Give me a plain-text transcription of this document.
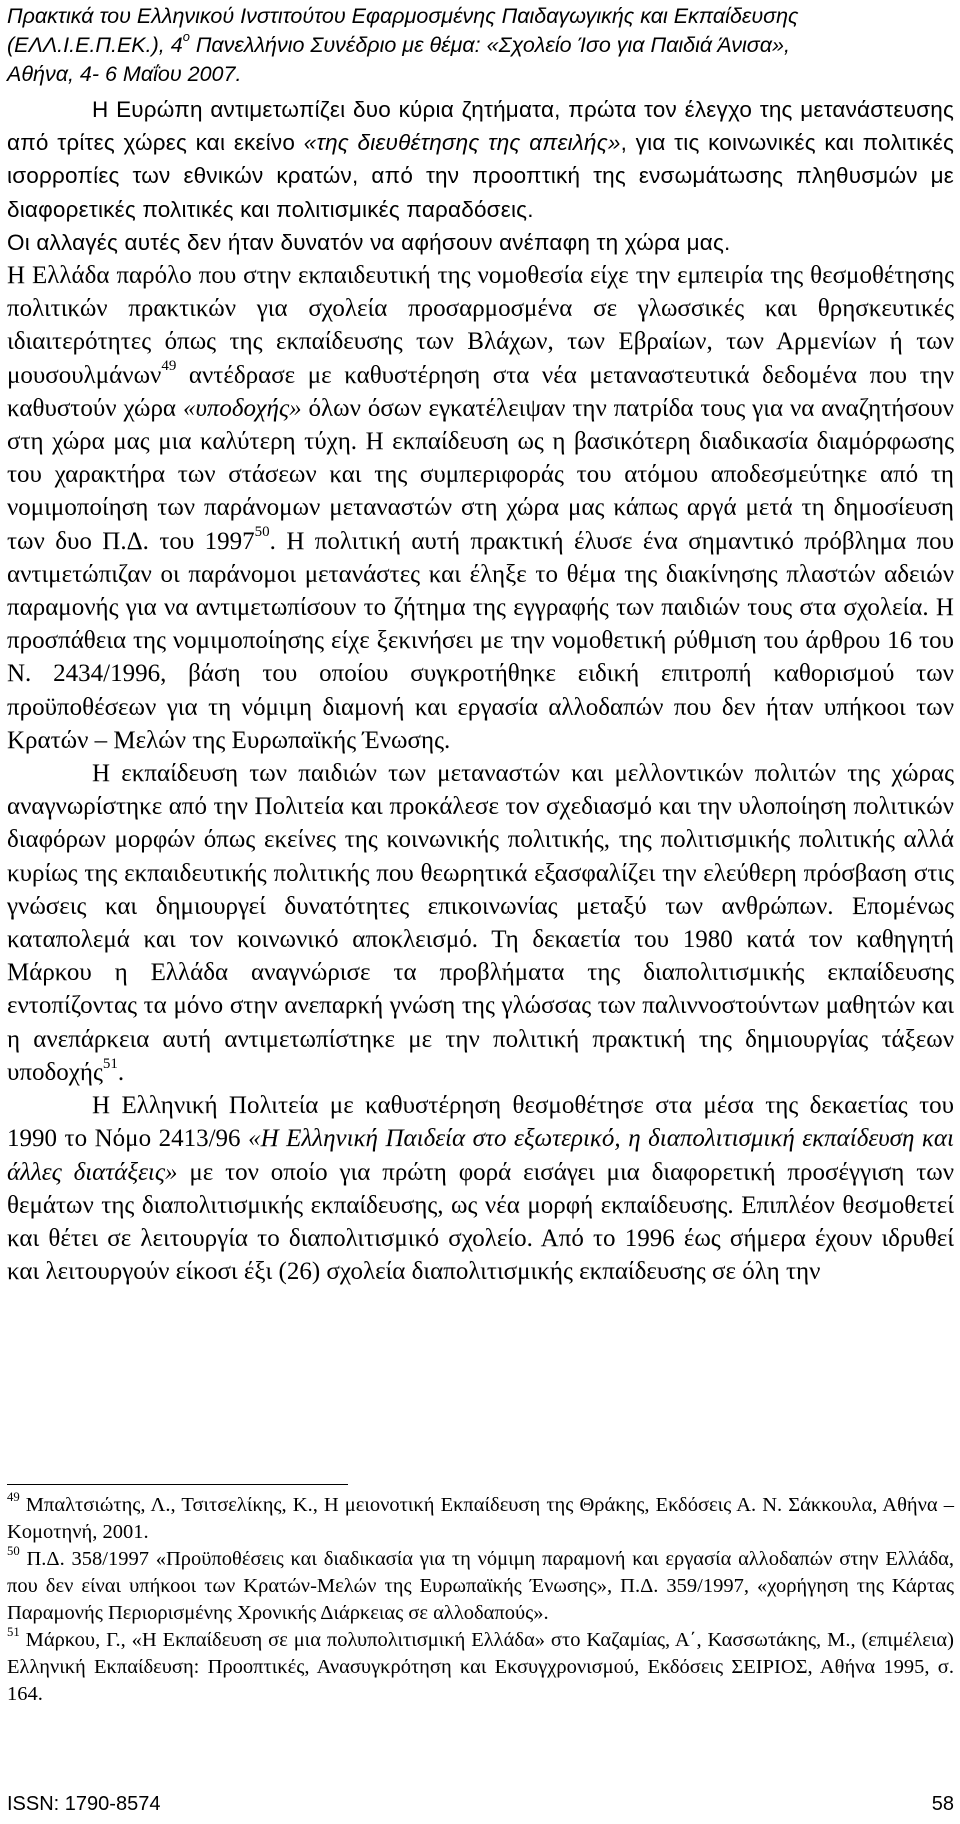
Πρακτικά του Ελληνικού Ινστιτούτου Εφαρμοσμένης Παιδαγωγικής και Εκπαίδευσης
(ΕΛΛ.Ι.Ε.Π.ΕΚ.), $4^o$ Πανελλήνιο Συνέδριο με θέμα: «Σχολείο Ίσο για Παιδιά Άνισα»,
Αθήνα, 4- 6 Μαΐου 2007.

Η Ευρώπη αντιμετωπίζει δυο κύρια ζητήματα, πρώτα τον έλεγχο της μετανάστευσης από τρίτες χώρες και εκείνο «της διευθέτησης της απειλής», για τις κοινωνικές και πολιτικές ισορροπίες των εθνικών κρατών, από την προοπτική της ενσωμάτωσης πληθυσμών με διαφορετικές πολιτικές και πολιτισμικές παραδόσεις.

Οι αλλαγές αυτές δεν ήταν δυνατόν να αφήσουν ανέπαφη τη χώρα μας.

Η Ελλάδα παρόλο που στην εκπαιδευτική της νομοθεσία είχε την εμπειρία της θεσμοθέτησης πολιτικών πρακτικών για σχολεία προσαρμοσμένα σε γλωσσικές και θρησκευτικές ιδιαιτερότητες όπως της εκπαίδευσης των Βλάχων, των Εβραίων, των Αρμενίων ή των μουσουλμάνων$^{49}$ αντέδρασε με καθυστέρηση στα νέα μεταναστευτικά δεδομένα που την καθυστούν χώρα «υποδοχής» όλων όσων εγκατέλειψαν την πατρίδα τους για να αναζητήσουν στη χώρα μας μια καλύτερη τύχη. Η εκπαίδευση ως η βασικότερη διαδικασία διαμόρφωσης του χαρακτήρα των στάσεων και της συμπεριφοράς του ατόμου αποδεσμεύτηκε από τη νομιμοποίηση των παράνομων μεταναστών στη χώρα μας κάπως αργά μετά τη δημοσίευση των δυο Π.Δ. του 1997$^{50}$. Η πολιτική αυτή πρακτική έλυσε ένα σημαντικό πρόβλημα που αντιμετώπιζαν οι παράνομοι μετανάστες και έληξε το θέμα της διακίνησης πλαστών αδειών παραμονής για να αντιμετωπίσουν το ζήτημα της εγγραφής των παιδιών τους στα σχολεία. Η προσπάθεια της νομιμοποίησης είχε ξεκινήσει με την νομοθετική ρύθμιση του άρθρου 16 του Ν. 2434/1996, βάση του οποίου συγκροτήθηκε ειδική επιτροπή καθορισμού των προϋποθέσεων για τη νόμιμη διαμονή και εργασία αλλοδαπών που δεν ήταν υπήκοοι των Κρατών – Μελών της Ευρωπαϊκής Ένωσης.

Η εκπαίδευση των παιδιών των μεταναστών και μελλοντικών πολιτών της χώρας αναγνωρίστηκε από την Πολιτεία και προκάλεσε τον σχεδιασμό και την υλοποίηση πολιτικών διαφόρων μορφών όπως εκείνες της κοινωνικής πολιτικής, της πολιτισμικής πολιτικής αλλά κυρίως της εκπαιδευτικής πολιτικής που θεωρητικά εξασφαλίζει την ελεύθερη πρόσβαση στις γνώσεις και δημιουργεί δυνατότητες επικοινωνίας μεταξύ των ανθρώπων. Επομένως καταπολεμά και τον κοινωνικό αποκλεισμό. Τη δεκαετία του 1980 κατά τον καθηγητή Μάρκου η Ελλάδα αναγνώρισε τα προβλήματα της διαπολιτισμικής εκπαίδευσης εντοπίζοντας τα μόνο στην ανεπαρκή γνώση της γλώσσας των παλιννοστούντων μαθητών και η ανεπάρκεια αυτή αντιμετωπίστηκε με την πολιτική πρακτική της δημιουργίας τάξεων υποδοχής$^{51}$.

Η Ελληνική Πολιτεία με καθυστέρηση θεσμοθέτησε στα μέσα της δεκαετίας του 1990 το Νόμο 2413/96 «Η Ελληνική Παιδεία στο εξωτερικό, η διαπολιτισμική εκπαίδευση και άλλες διατάξεις» με τον οποίο για πρώτη φορά εισάγει μια διαφορετική προσέγγιση των θεμάτων της διαπολιτισμικής εκπαίδευσης, ως νέα μορφή εκπαίδευσης. Επιπλέον θεσμοθετεί και θέτει σε λειτουργία το διαπολιτισμικό σχολείο. Από το 1996 έως σήμερα έχουν ιδρυθεί και λειτουργούν είκοσι έξι (26) σχολεία διαπολιτισμικής εκπαίδευσης σε όλη την

$^{49}$ Μπαλτσιώτης, Λ., Τσιτσελίκης, Κ., Η μειονοτική Εκπαίδευση της Θράκης, Εκδόσεις Α. Ν. Σάκκουλα, Αθήνα – Κομοτηνή, 2001.

$^{50}$ Π.Δ. 358/1997 «Προϋποθέσεις και διαδικασία για τη νόμιμη παραμονή και εργασία αλλοδαπών στην Ελλάδα, που δεν είναι υπήκοοι των Κρατών-Μελών της Ευρωπαϊκής Ένωσης», Π.Δ. 359/1997, «χορήγηση της Κάρτας Παραμονής Περιορισμένης Χρονικής Διάρκειας σε αλλοδαπούς».

$^{51}$ Μάρκου, Γ., «Η Εκπαίδευση σε μια πολυπολιτισμική Ελλάδα» στο Καζαμίας, Α΄, Κασσωτάκης, Μ., (επιμέλεια) Ελληνική Εκπαίδευση: Προοπτικές, Ανασυγκρότηση και Εκσυγχρονισμού, Εκδόσεις ΣΕΙΡΙΟΣ, Αθήνα 1995, σ. 164.

ISSN: 1790-8574	58
